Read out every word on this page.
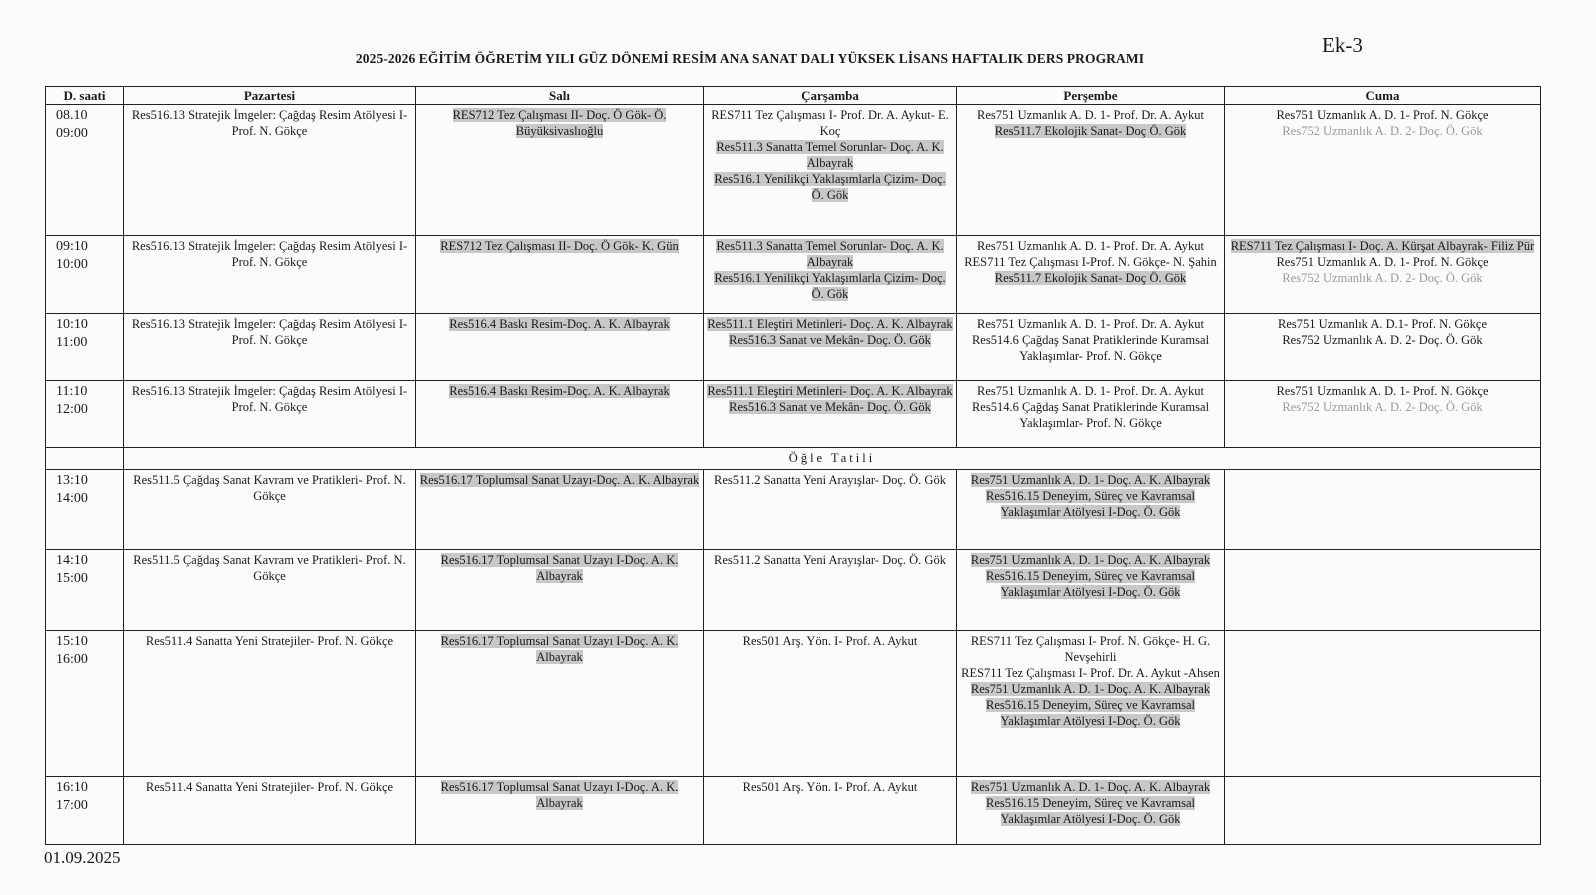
2025-2026 EĞİTİM ÖĞRETİM YILI GÜZ DÖNEMİ RESİM ANA SANAT DALI YÜKSEK LİSANS HAFTALIK DERS PROGRAMI
Ek-3
D. saati	Pazartesi	Salı	Çarşamba	Perşembe	Cuma

08.10
09:00	Res516.13 Stratejik İmgeler: Çağdaş Resim Atölyesi I- Prof. N. Gökçe	RES712 Tez Çalışması II- Doç. Ö Gök- Ö. Büyüksivaslıoğlu	RES711 Tez Çalışması I- Prof. Dr. A. Aykut- E. Koç
Res511.3 Sanatta Temel Sorunlar- Doç. A. K. Albayrak
Res516.1 Yenilikçi Yaklaşımlarla Çizim- Doç. Ö. Gök	Res751 Uzmanlık A. D. 1- Prof. Dr. A. Aykut
Res511.7 Ekolojik Sanat- Doç Ö. Gök	Res751 Uzmanlık A. D. 1- Prof. N. Gökçe
Res752 Uzmanlık A. D. 2- Doç. Ö. Gök

09:10
10:00	Res516.13 Stratejik İmgeler: Çağdaş Resim Atölyesi I- Prof. N. Gökçe	RES712 Tez Çalışması II- Doç. Ö Gök- K. Gün	Res511.3 Sanatta Temel Sorunlar- Doç. A. K. Albayrak
Res516.1 Yenilikçi Yaklaşımlarla Çizim- Doç. Ö. Gök	Res751 Uzmanlık A. D. 1- Prof. Dr. A. Aykut
RES711 Tez Çalışması I-Prof. N. Gökçe- N. Şahin
Res511.7 Ekolojik Sanat- Doç Ö. Gök	RES711 Tez Çalışması I- Doç. A. Kürşat Albayrak- Filiz Pür
Res751 Uzmanlık A. D. 1- Prof. N. Gökçe
Res752 Uzmanlık A. D. 2- Doç. Ö. Gök

10:10
11:00	Res516.13 Stratejik İmgeler: Çağdaş Resim Atölyesi I- Prof. N. Gökçe	Res516.4 Baskı Resim-Doç. A. K. Albayrak	Res511.1 Eleştiri Metinleri- Doç. A. K. Albayrak
Res516.3 Sanat ve Mekân- Doç. Ö. Gök	Res751 Uzmanlık A. D. 1- Prof. Dr. A. Aykut
Res514.6 Çağdaş Sanat Pratiklerinde Kuramsal Yaklaşımlar- Prof. N. Gökçe	Res751 Uzmanlık A. D.1- Prof. N. Gökçe
Res752 Uzmanlık A. D. 2- Doç. Ö. Gök

11:10
12:00	Res516.13 Stratejik İmgeler: Çağdaş Resim Atölyesi I- Prof. N. Gökçe	Res516.4 Baskı Resim-Doç. A. K. Albayrak	Res511.1 Eleştiri Metinleri- Doç. A. K. Albayrak
Res516.3 Sanat ve Mekân- Doç. Ö. Gök	Res751 Uzmanlık A. D. 1- Prof. Dr. A. Aykut
Res514.6 Çağdaş Sanat Pratiklerinde Kuramsal Yaklaşımlar- Prof. N. Gökçe	Res751 Uzmanlık A. D. 1- Prof. N. Gökçe
Res752 Uzmanlık A. D. 2- Doç. Ö. Gök

	Öğle Tatili				

13:10
14:00	Res511.5 Çağdaş Sanat Kavram ve Pratikleri- Prof. N. Gökçe	Res516.17 Toplumsal Sanat Uzayı-Doç. A. K. Albayrak	Res511.2 Sanatta Yeni Arayışlar- Doç. Ö. Gök	Res751 Uzmanlık A. D. 1- Doç. A. K. Albayrak
Res516.15 Deneyim, Süreç ve Kavramsal Yaklaşımlar Atölyesi I-Doç. Ö. Gök	

14:10
15:00	Res511.5 Çağdaş Sanat Kavram ve Pratikleri- Prof. N. Gökçe	Res516.17 Toplumsal Sanat Uzayı I-Doç. A. K. Albayrak	Res511.2 Sanatta Yeni Arayışlar- Doç. Ö. Gök	Res751 Uzmanlık A. D. 1- Doç. A. K. Albayrak
Res516.15 Deneyim, Süreç ve Kavramsal Yaklaşımlar Atölyesi I-Doç. Ö. Gök	

15:10
16:00	Res511.4 Sanatta Yeni Stratejiler- Prof. N. Gökçe	Res516.17 Toplumsal Sanat Uzayı I-Doç. A. K. Albayrak	Res501 Arş. Yön. I- Prof. A. Aykut	RES711 Tez Çalışması I- Prof. N. Gökçe- H. G. Nevşehirli
RES711 Tez Çalışması I- Prof. Dr. A. Aykut -Ahsen
Res751 Uzmanlık A. D. 1- Doç. A. K. Albayrak
Res516.15 Deneyim, Süreç ve Kavramsal Yaklaşımlar Atölyesi I-Doç. Ö. Gök	

16:10
17:00	Res511.4 Sanatta Yeni Stratejiler- Prof. N. Gökçe	Res516.17 Toplumsal Sanat Uzayı I-Doç. A. K. Albayrak	Res501 Arş. Yön. I- Prof. A. Aykut	Res751 Uzmanlık A. D. 1- Doç. A. K. Albayrak
Res516.15 Deneyim, Süreç ve Kavramsal Yaklaşımlar Atölyesi I-Doç. Ö. Gök	

01.09.2025
